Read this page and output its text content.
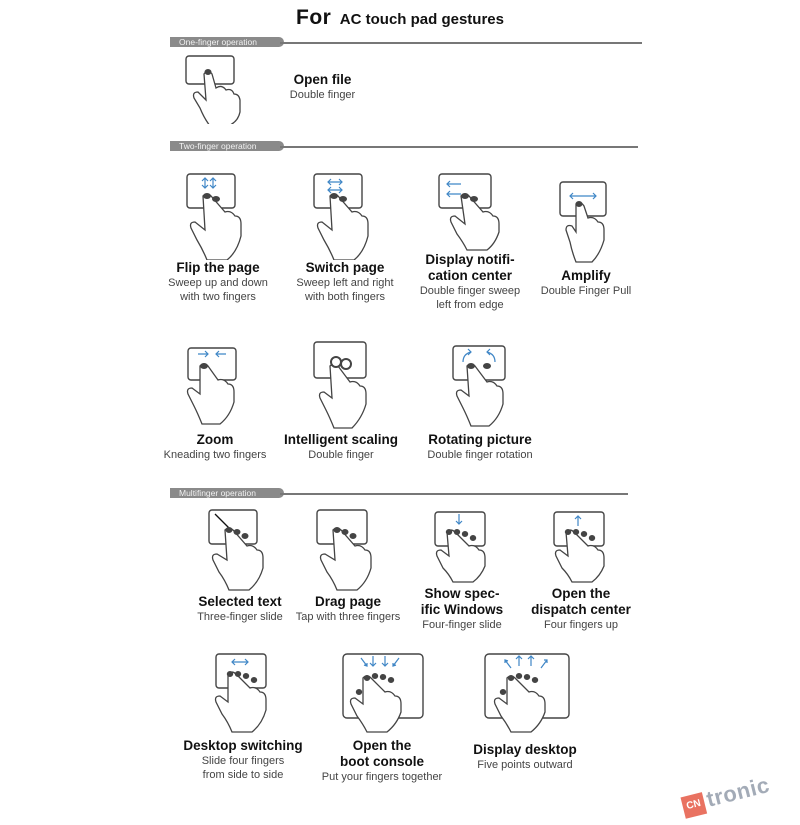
For AC touch pad gestures
One-finger operation
Two-finger operation
Multifinger operation
Open file
Double finger
Flip the page
Sweep up and down
with two fingers
Switch page
Sweep left and right
with both fingers
Display notifi-
cation center
Double finger sweep
left from edge
Amplify
Double Finger Pull
Zoom
Kneading two fingers
Intelligent scaling
Double finger
Rotating picture
Double finger rotation
Selected text
Three-finger slide
Drag page
Tap with three fingers
Show spec-
ific Windows
Four-finger slide
Open the
dispatch center
Four fingers up
Desktop switching
Slide four fingers
from side to side
Open the
boot console
Put your fingers together
Display desktop
Five points outward
CN tronic
